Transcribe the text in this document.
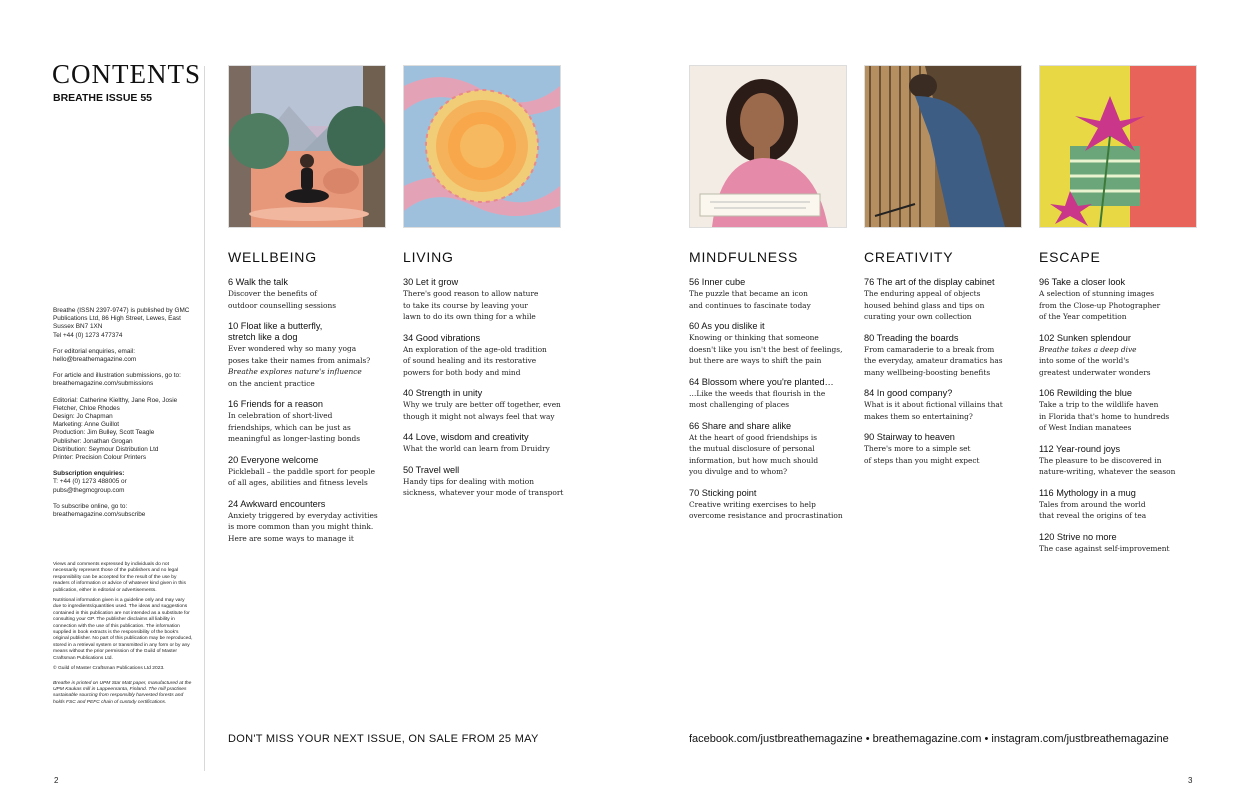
CONTENTS
BREATHE ISSUE 55

Breathe (ISSN 2397-9747) is published by GMC Publications Ltd, 86 High Street, Lewes, East Sussex BN7 1XN
Tel +44 (0) 1273 477374

For editorial enquiries, email: hello@breathemagazine.com

For article and illustration submissions, go to: breathemagazine.com/submissions

Editorial: Catherine Kielthy, Jane Roe, Josie Fletcher, Chloe Rhodes
Design: Jo Chapman
Marketing: Anne Guillot
Production: Jim Bulley, Scott Teagle
Publisher: Jonathan Grogan
Distribution: Seymour Distribution Ltd
Printer: Precision Colour Printers

Subscription enquiries:
T: +44 (0) 1273 488005 or pubs@thegmcgroup.com

To subscribe online, go to: breathemagazine.com/subscribe

Views and comments expressed by individuals do not necessarily represent those of the publishers and no legal responsibility can be accepted for the result of the use by readers of information or advice of whatever kind given in this publication, either in editorial or advertisements.

Nutritional information given is a guideline only and may vary due to ingredients/quantities used. The ideas and suggestions contained in this publication are not intended as a substitute for consulting your GP. The publisher disclaims all liability in connection with the use of this publication. The information supplied in book extracts is the responsibility of the book's original publisher. No part of this publication may be reproduced, stored in a retrieval system or transmitted in any form or by any means without the prior permission of the Guild of Master Craftsman Publications Ltd.

© Guild of Master Craftsman Publications Ltd 2023.

Breathe is printed on UPM Star Matt paper, manufactured at the UPM Kaukas mill in Lappeenranta, Finland. The mill practises sustainable sourcing from responsibly harvested forests and holds FSC and PEFC chain of custody certifications.

WELLBEING
6 Walk the talk
Discover the benefits of
outdoor counselling sessions
10 Float like a butterfly,
stretch like a dog
Ever wondered why so many yoga
poses take their names from animals?
Breathe explores nature's influence
on the ancient practice
16 Friends for a reason
In celebration of short-lived
friendships, which can be just as
meaningful as longer-lasting bonds
20 Everyone welcome
Pickleball – the paddle sport for people
of all ages, abilities and fitness levels
24 Awkward encounters
Anxiety triggered by everyday activities
is more common than you might think.
Here are some ways to manage it
LIVING
30 Let it grow
There's good reason to allow nature
to take its course by leaving your
lawn to do its own thing for a while
34 Good vibrations
An exploration of the age-old tradition
of sound healing and its restorative
powers for both body and mind
40 Strength in unity
Why we truly are better off together, even
though it might not always feel that way
44 Love, wisdom and creativity
What the world can learn from Druidry
50 Travel well
Handy tips for dealing with motion
sickness, whatever your mode of transport
MINDFULNESS
56 Inner cube
The puzzle that became an icon
and continues to fascinate today
60 As you dislike it
Knowing or thinking that someone
doesn't like you isn't the best of feelings,
but there are ways to shift the pain
64 Blossom where you're planted…
…Like the weeds that flourish in the
most challenging of places
66 Share and share alike
At the heart of good friendships is
the mutual disclosure of personal
information, but how much should
you divulge and to whom?
70 Sticking point
Creative writing exercises to help
overcome resistance and procrastination
CREATIVITY
76 The art of the display cabinet
The enduring appeal of objects
housed behind glass and tips on
curating your own collection
80 Treading the boards
From camaraderie to a break from
the everyday, amateur dramatics has
many wellbeing-boosting benefits
84 In good company?
What is it about fictional villains that
makes them so entertaining?
90 Stairway to heaven
There's more to a simple set
of steps than you might expect
ESCAPE
96 Take a closer look
A selection of stunning images
from the Close-up Photographer
of the Year competition
102 Sunken splendour
Breathe takes a deep dive
into some of the world's
greatest underwater wonders
106 Rewilding the blue
Take a trip to the wildlife haven
in Florida that's home to hundreds
of West Indian manatees
112 Year-round joys
The pleasure to be discovered in
nature-writing, whatever the season
116 Mythology in a mug
Tales from around the world
that reveal the origins of tea
120 Strive no more
The case against self-improvement
DON'T MISS YOUR NEXT ISSUE, ON SALE FROM 25 MAY	facebook.com/justbreathemagazine • breathemagazine.com • instagram.com/justbreathemagazine
2	3
